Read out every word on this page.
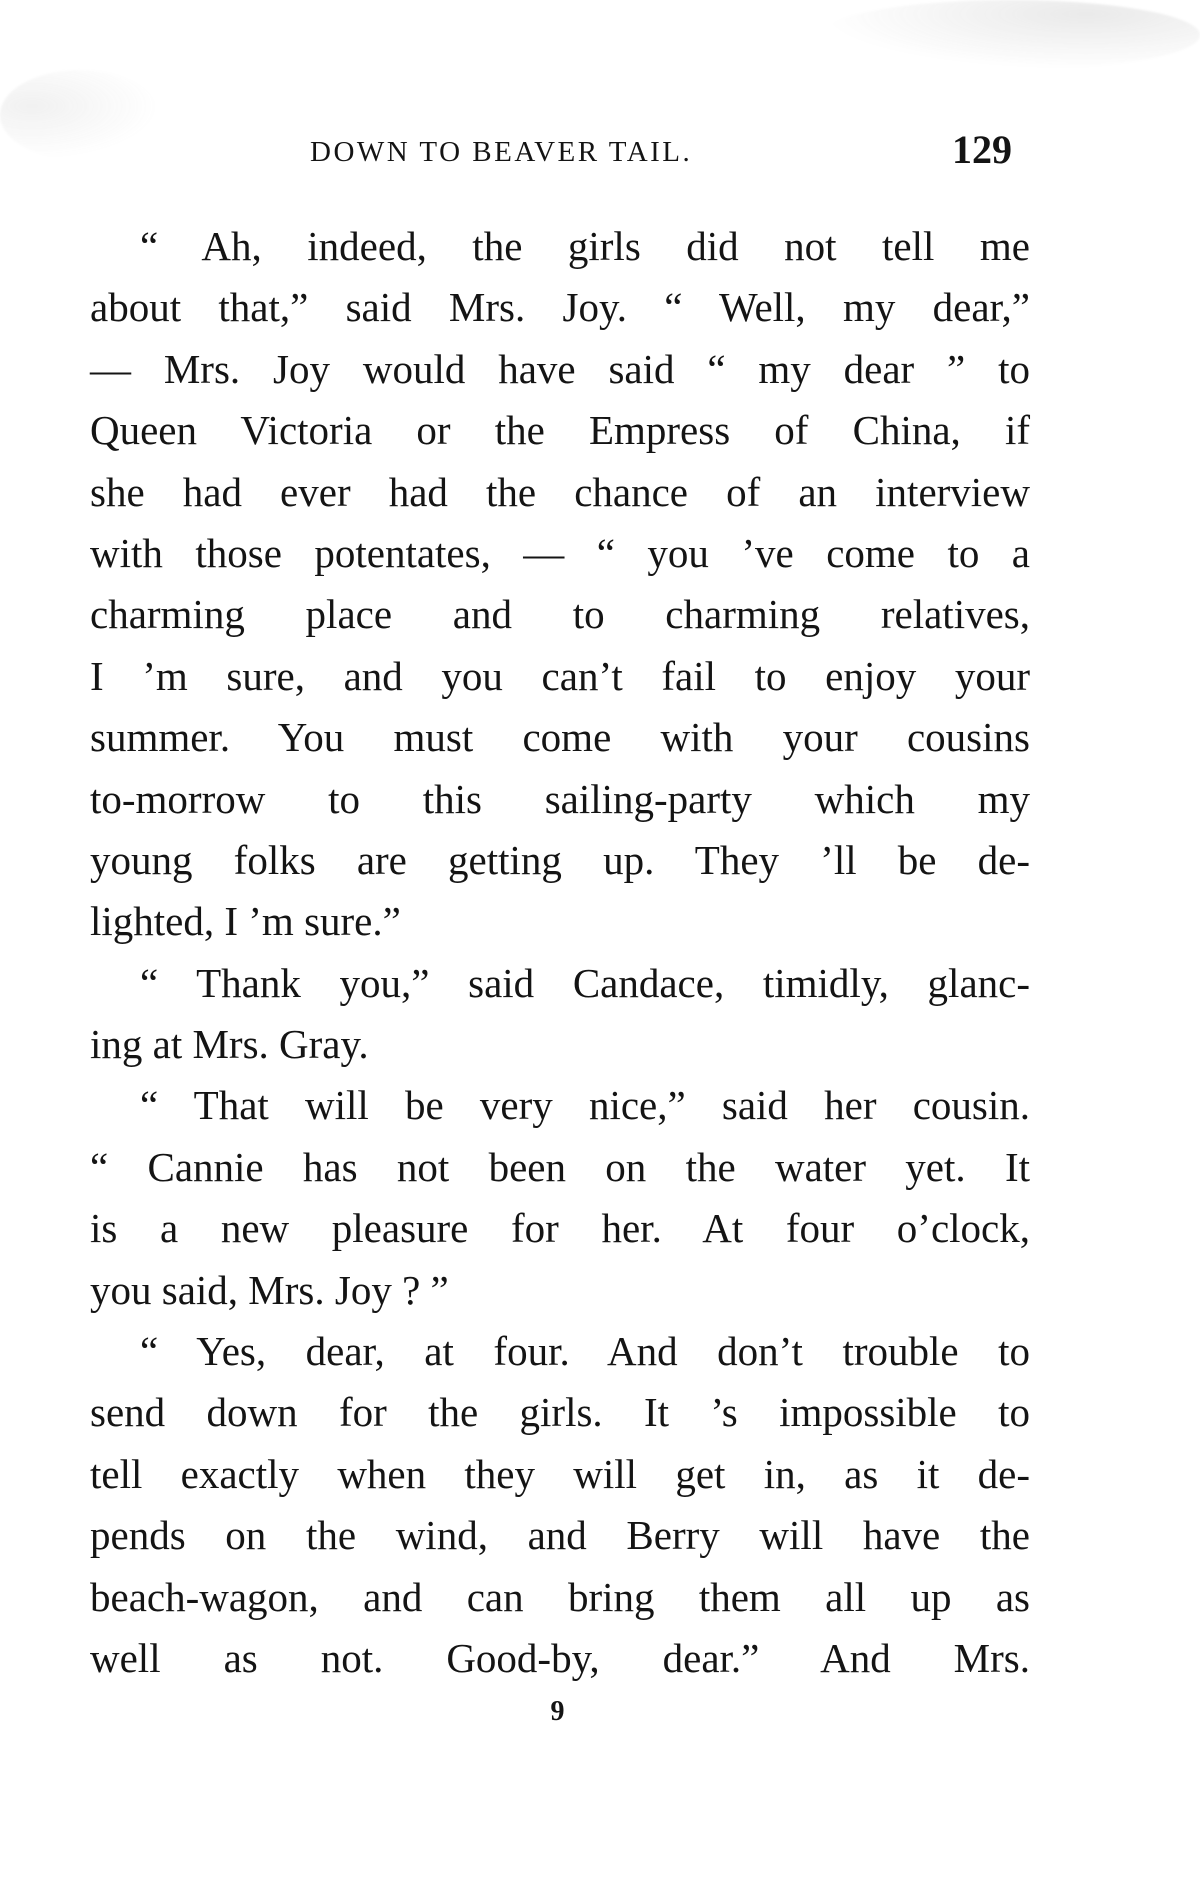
DOWN TO BEAVER TAIL.	129
“ Ah, indeed, the girls did not tell me
about that,” said Mrs. Joy. “ Well, my dear,”
— Mrs. Joy would have said “ my dear ” to
Queen Victoria or the Empress of China, if
she had ever had the chance of an interview
with those potentates, — “ you ’ve come to a
charming place and to charming relatives,
I ’m sure, and you can’t fail to enjoy your
summer. You must come with your cousins
to-morrow to this sailing-party which my
young folks are getting up. They ’ll be de-
lighted, I ’m sure.”
“ Thank you,” said Candace, timidly, glanc-
ing at Mrs. Gray.
“ That will be very nice,” said her cousin.
“ Cannie has not been on the water yet. It
is a new pleasure for her. At four o’clock,
you said, Mrs. Joy ? ”
“ Yes, dear, at four. And don’t trouble to
send down for the girls. It ’s impossible to
tell exactly when they will get in, as it de-
pends on the wind, and Berry will have the
beach-wagon, and can bring them all up as
well as not. Good-by, dear.” And Mrs.
9
